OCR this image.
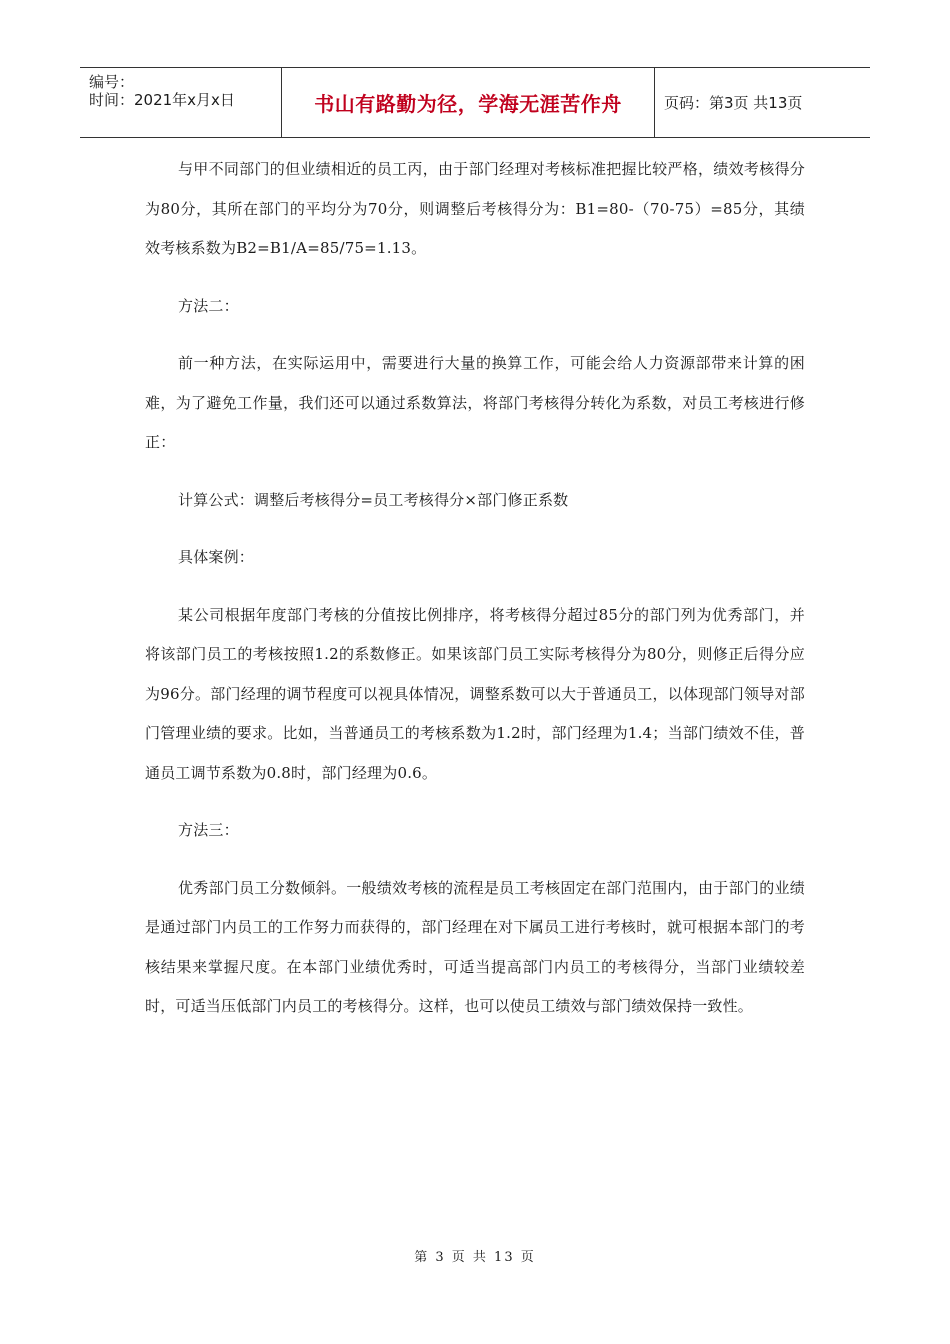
编号：
时间：2021年x月x日	书山有路勤为径，学海无涯苦作舟	页码：第3页 共13页

与甲不同部门的但业绩相近的员工丙，由于部门经理对考核标准把握比较严格，绩效考核得分为80分，其所在部门的平均分为70分，则调整后考核得分为：B1=80-（70-75）=85分，其绩效考核系数为B2=B1/A=85/75=1.13。

方法二：

前一种方法，在实际运用中，需要进行大量的换算工作，可能会给人力资源部带来计算的困难，为了避免工作量，我们还可以通过系数算法，将部门考核得分转化为系数，对员工考核进行修正：

计算公式：调整后考核得分=员工考核得分×部门修正系数

具体案例：

某公司根据年度部门考核的分值按比例排序，将考核得分超过85分的部门列为优秀部门，并将该部门员工的考核按照1.2的系数修正。如果该部门员工实际考核得分为80分，则修正后得分应为96分。部门经理的调节程度可以视具体情况，调整系数可以大于普通员工，以体现部门领导对部门管理业绩的要求。比如，当普通员工的考核系数为1.2时，部门经理为1.4；当部门绩效不佳，普通员工调节系数为0.8时，部门经理为0.6。

方法三：

优秀部门员工分数倾斜。一般绩效考核的流程是员工考核固定在部门范围内，由于部门的业绩是通过部门内员工的工作努力而获得的，部门经理在对下属员工进行考核时，就可根据本部门的考核结果来掌握尺度。在本部门业绩优秀时，可适当提高部门内员工的考核得分，当部门业绩较差时，可适当压低部门内员工的考核得分。这样，也可以使员工绩效与部门绩效保持一致性。

第 3 页 共 13 页
